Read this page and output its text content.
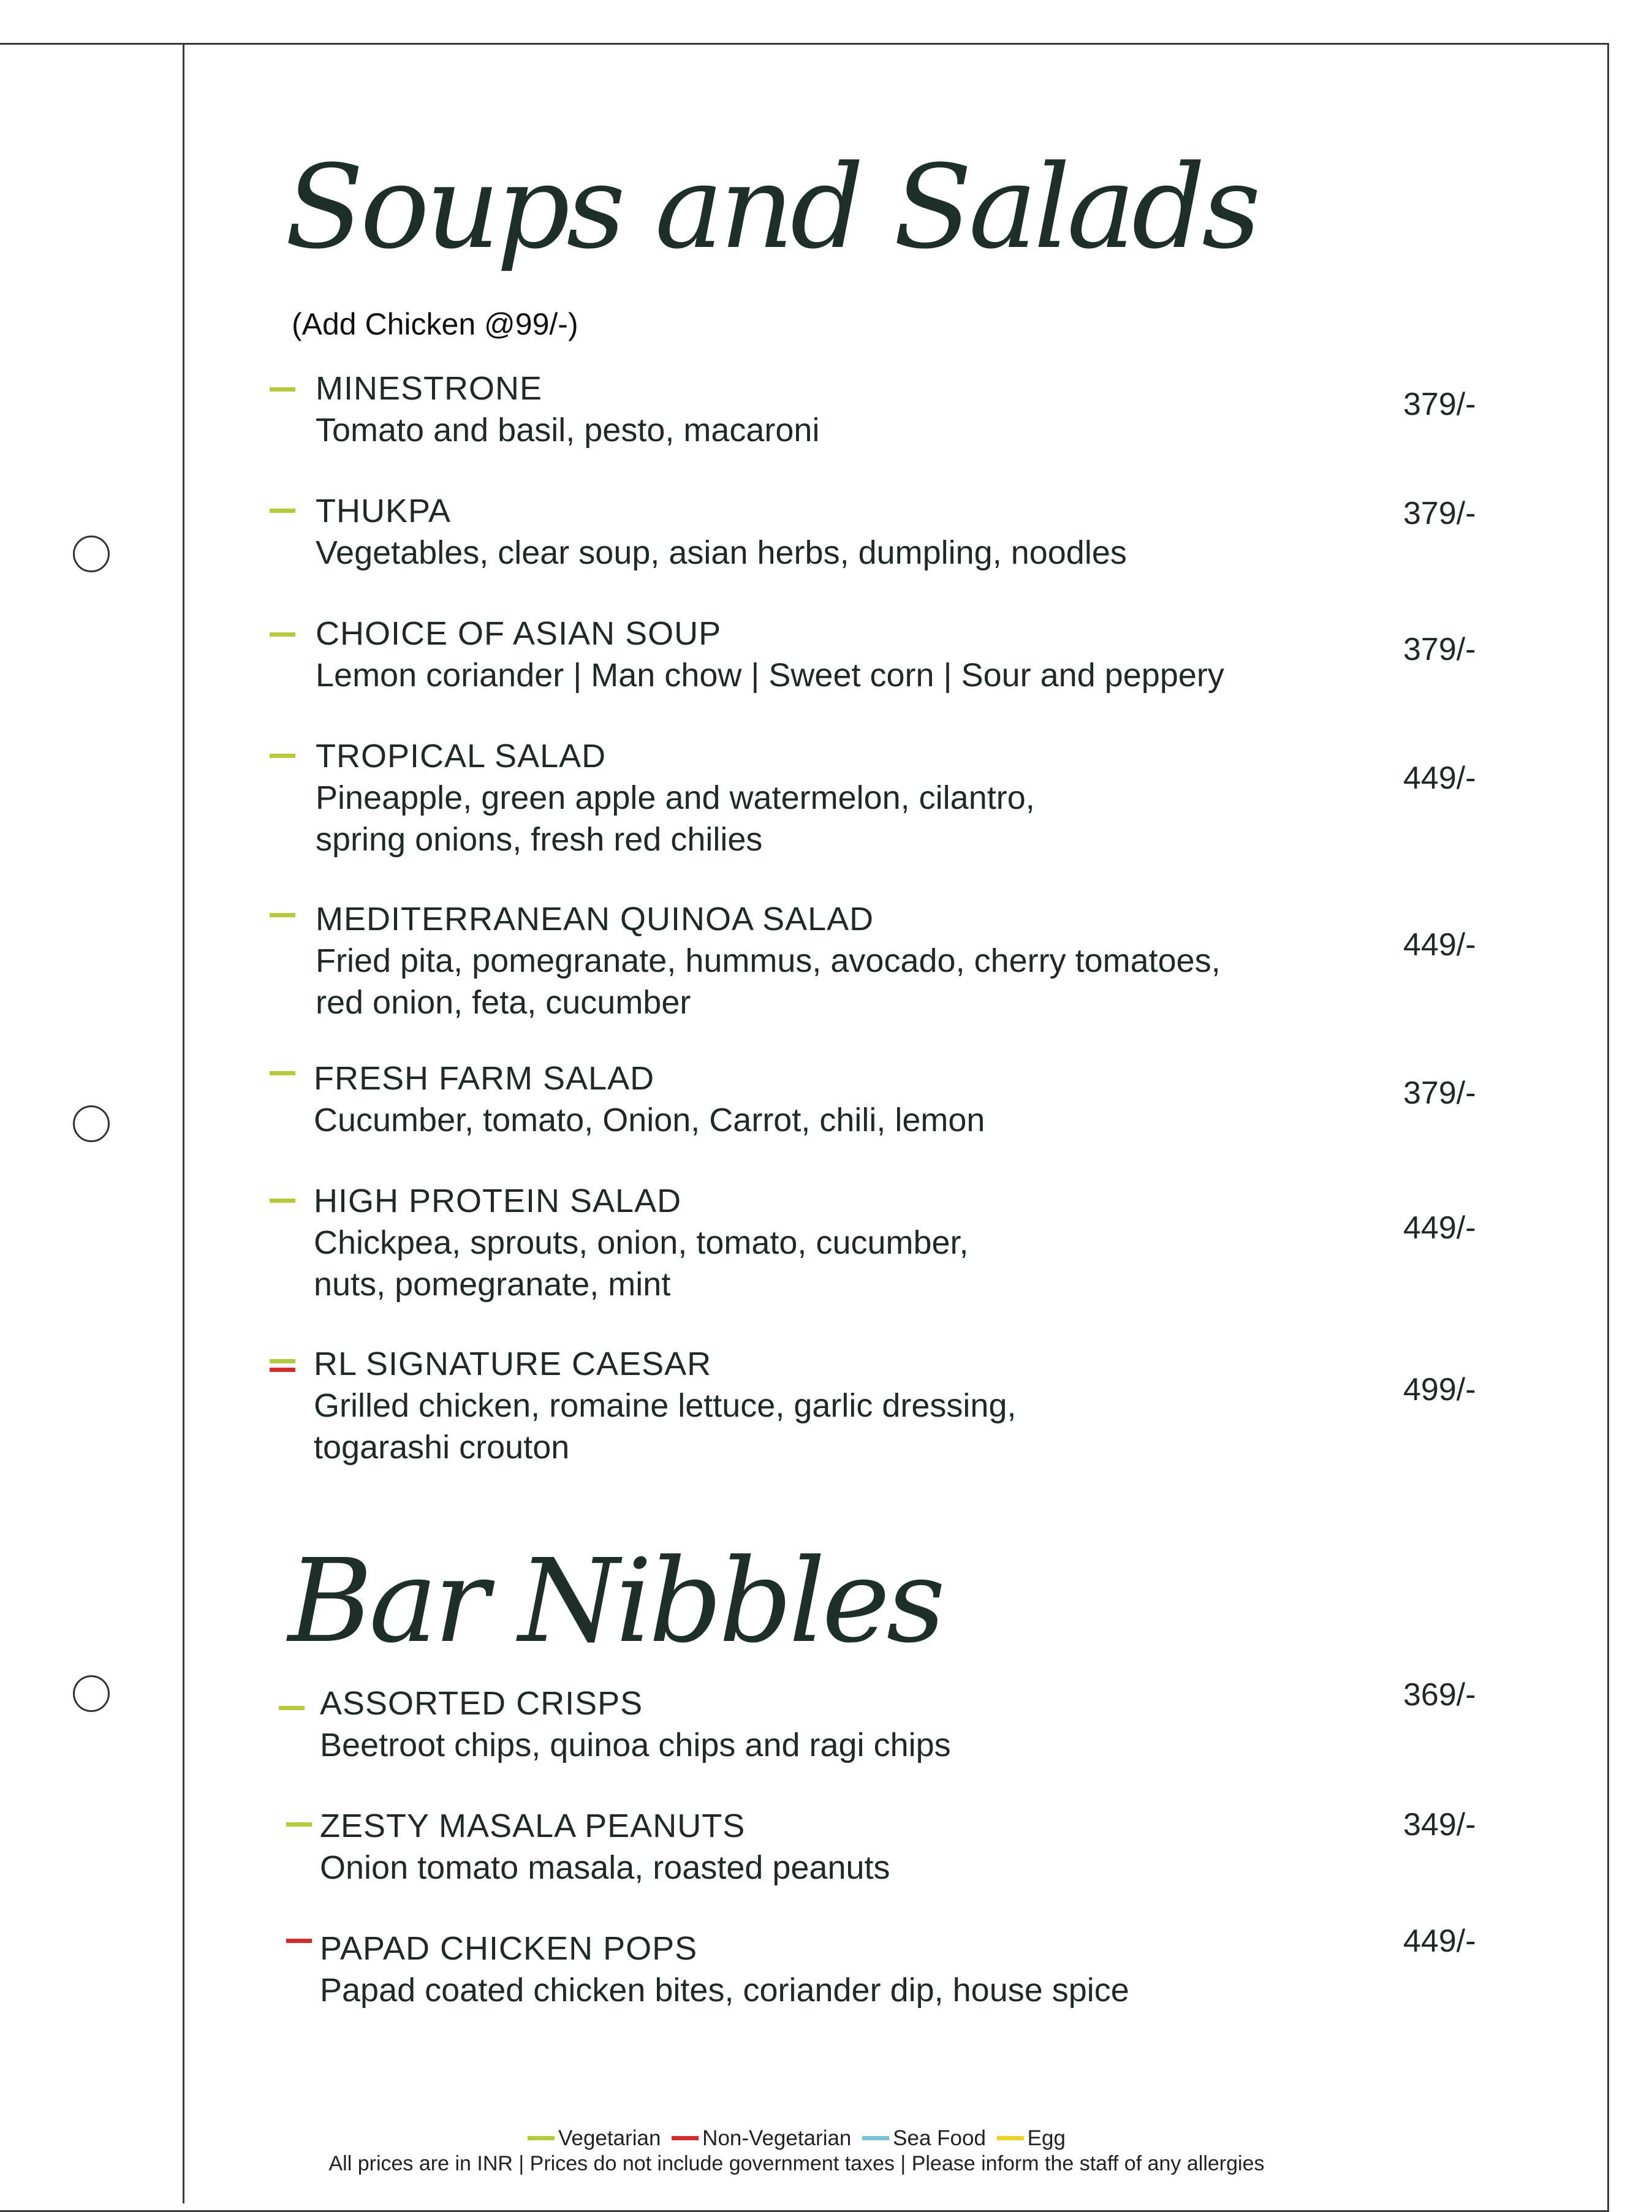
Soups and Salads
(Add Chicken @99/-)
MINESTRONE
Tomato and basil, pesto, macaroni
379/-
THUKPA
Vegetables, clear soup, asian herbs, dumpling, noodles
379/-
CHOICE OF ASIAN SOUP
Lemon coriander | Man chow | Sweet corn | Sour and peppery
379/-
TROPICAL SALAD
Pineapple, green apple and watermelon, cilantro,
spring onions, fresh red chilies
449/-
MEDITERRANEAN QUINOA SALAD
Fried pita, pomegranate, hummus, avocado, cherry tomatoes,
red onion, feta, cucumber
449/-
FRESH FARM SALAD
Cucumber, tomato, Onion, Carrot, chili, lemon
379/-
HIGH PROTEIN SALAD
Chickpea, sprouts, onion, tomato, cucumber,
nuts, pomegranate, mint
449/-
RL SIGNATURE CAESAR
Grilled chicken, romaine lettuce, garlic dressing,
togarashi crouton
499/-
Bar Nibbles
ASSORTED CRISPS
Beetroot chips, quinoa chips and ragi chips
369/-
ZESTY MASALA PEANUTS
Onion tomato masala, roasted peanuts
349/-
PAPAD CHICKEN POPS
Papad coated chicken bites, coriander dip, house spice
449/-
Vegetarian
Non-Vegetarian
Sea Food
Egg
All prices are in INR | Prices do not include government taxes | Please inform the staff of any allergies
